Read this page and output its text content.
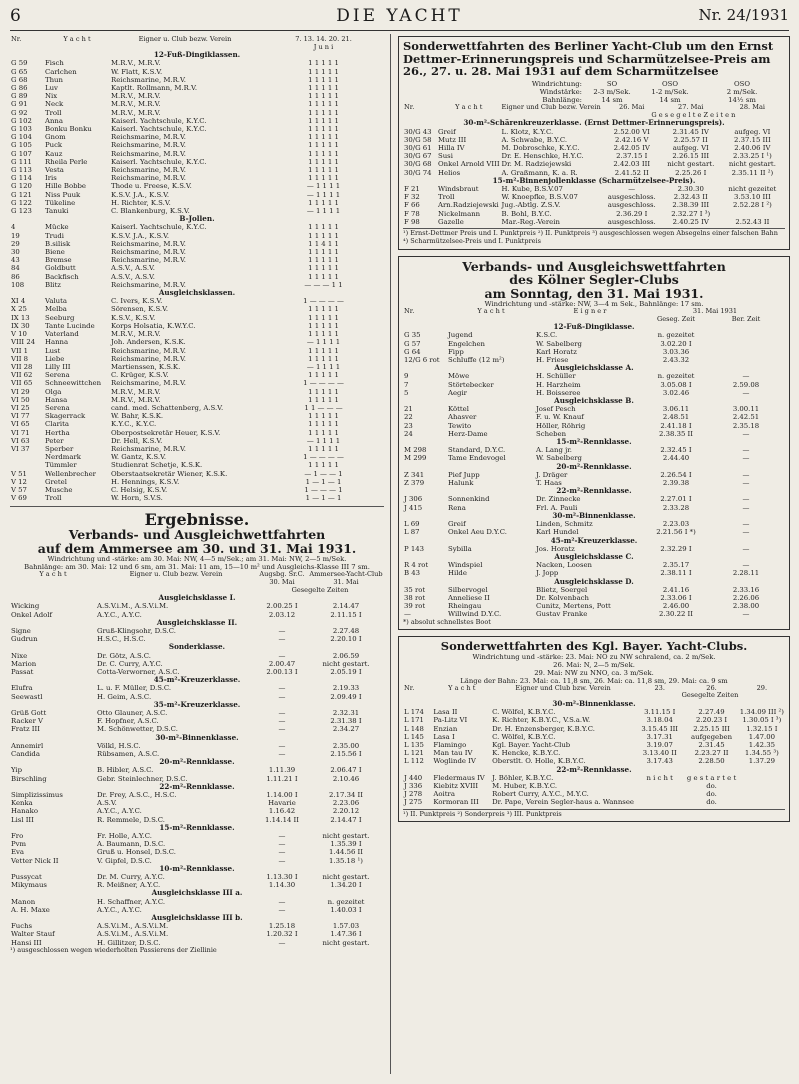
6	DIE YACHT	Nr. 24/1931
Nr.	Y a c h t	Eigner u. Club bezw. Verein		7. 13. 14. 20. 21.
J u n i
12-Fuß-Dingiklassen.				
G 59	Fisch	M.R.V., M.R.V.		1 1 1 1 1
G 65	Carlchen	W. Flatt, K.S.V.		1 1 1 1 1
G 68	Thun	Reichsmarine, M.R.V.		1 1 1 1 1
G 86	Luv	Kaptlt. Rollmann, M.R.V.		1 1 1 1 1
G 89	Nix	M.R.V., M.R.V.		1 1 1 1 1
G 91	Neck	M.R.V., M.R.V.		1 1 1 1 1
G 92	Troll	M.R.V., M.R.V.		1 1 1 1 1
G 102	Anna	Kaiserl. Yachtschule, K.Y.C.		1 1 1 1 1
G 103	Bonku Bonku	Kaiserl. Yachtschule, K.Y.C.		1 1 1 1 1
G 104	Gnom	Reichsmarine, M.R.V.		1 1 1 1 1
G 105	Puck	Reichsmarine, M.R.V.		1 1 1 1 1
G 107	Kauz	Reichsmarine, M.R.V.		1 1 1 1 1
G 111	Rheila Perle	Kaiserl. Yachtschule, K.Y.C.		1 1 1 1 1
G 113	Vesta	Reichsmarine, M.R.V.		1 1 1 1 1
G 114	Iris	Reichsmarine, M.R.V.		1 1 1 1 1
G 120	Hille Bobbe	Thode u. Freese, K.S.V.		— 1 1 1 1
G 121	Niss Puuk	K.S.V. J.A., K.S.V.		— 1 1 1 1
G 122	Tükeline	H. Richter, K.S.V.		1 1 1 1 1
G 123	Tanuki	C. Blankenburg, K.S.V.		— 1 1 1 1
B-Jollen.				
4	Mücke	Kaiserl. Yachtschule, K.Y.C.		1 1 1 1 1
19	Trudi	K.S.V. J.A., K.S.V.		1 1 1 1 1
29	B.silisk	Reichsmarine, M.R.V.		1 1 4 1 1
30	Biene	Reichsmarine, M.R.V.		1 1 1 1 1
43	Bremse	Reichsmarine, M.R.V.		1 1 1 1 1
84	Goldbutt	A.S.V., A.S.V.		1 1 1 1 1
86	Backfisch	A.S.V., A.S.V.		1 1 1 1 1
108	Blitz	Reichsmarine, M.R.V.		— — — 1 1
Ausgleichsklassen.				
XI 4	Valuta	C. Ivers, K.S.V.		1 — — — —
X 25	Melba	Sörensen, K.S.V.		1 1 1 1 1
IX 13	Seeburg	K.S.V., K.S.V.		1 1 1 1 1
IX 30	Tante Lucinde	Korps Holsatia, K.W.Y.C.		1 1 1 1 1
V 10	Vaterland	M.R.V., M.R.V.		1 1 1 1 1
VIII 24	Hanna	Joh. Andersen, K.S.K.		— 1 1 1 1
VII 1	Lust	Reichsmarine, M.R.V.		1 1 1 1 1
VII 8	Liebe	Reichsmarine, M.R.V.		1 1 1 1 1
VII 28	Lilly III	Martienssen, K.S.K.		— 1 1 1 1
VII 62	Serena	C. Krüger, K.S.V.		1 1 1 1 1
VII 65	Schneewittchen	Reichsmarine, M.R.V.		1 — — — —
VI 29	Olga	M.R.V., M.R.V.		1 1 1 1 1
VI 50	Hansa	M.R.V., M.R.V.		1 1 1 1 1
VI 25	Serena	cand. med. Schattenberg, A.S.V.		1 1 — — —
VI 77	Skagerrack	W. Bahr, K.S.K.		1 1 1 1 1
VI 65	Clarita	K.Y.C., K.Y.C.		1 1 1 1 1
VI 71	Hertha	Oberpostsekretär Heuer, K.S.V.		1 1 1 1 1
VI 63	Peter	Dr. Hell, K.S.V.		— 1 1 1 1
VI 37	Sperber	Reichsmarine, M.R.V.		1 1 1 1 1
	Nerdmark	W. Gantz, K.S.V.		1 — — — —
	Tümmler	Studienrat Schetje, K.S.K.		1 1 1 1 1
V 51	Wellenbrecher	Oberstaatsekretär Wiener, K.S.K.		— 1 — — 1
V 12	Gretel	H. Hennings, K.S.V.		1 — 1 — 1
V 57	Musche	C. Helsig, K.S.V.		1 — — — 1
V 69	Troll	W. Horn, S.V.S.		1 — 1 — 1
Ergebnisse.
Verbands- und Ausgleichwettfahrten
auf dem Ammersee am 30. und 31. Mai 1931.
Windrichtung und -stärke: am 30. Mai: NW, 4—5 m/Sek.; am 31. Mai: NW, 2—5 m/Sek.
Bahnlänge: am 30. Mai: 12 und 6 sm, am 31. Mai: 11 am, 15—10 m² und Ausgleichs-Klasse III 7 sm.
Y a c h t	Eigner u. Club bezw. Verein	Augsbg. Sr.C. 30. Mai	Ammersee-Yacht-Club 31. Mai
		Gesegelte Zeiten	
Ausgleichsklasse I.			
Wicking	A.S.V.i.M., A.S.V.i.M.	2.00.25 I	2.14.47
Onkel Adolf	A.Y.C., A.Y.C.	2.03.12	2.11.15 I
Ausgleichsklasse II.			
Signe	Gruß-Klingsohr, D.S.C.	—	2.27.48
Gudrun	H.S.C., H.S.C.	—	2.20.10 I
Sonderklasse.			
Nixe	Dr. Götz, A.S.C.	—	2.06.59
Marion	Dr. C. Curry, A.Y.C.	2.00.47	nicht gestart.
Passat	Cotta-Verworner, A.S.C.	2.00.13 I	2.05.19 I
45-m²-Kreuzerklasse.			
Elufra	L. u. F. Müller, D.S.C.	—	2.19.33
Seewastl	H. Geim, A.S.C.	—	2.09.49 I
35-m²-Kreuzerklasse.			
Grüß Gott	Otto Glauner, A.S.C.	—	2.32.31
Racker V	F. Hopfner, A.S.C.	—	2.31.38 I
Fratz III	M. Schönwetter, D.S.C.	—	2.34.27
30-m²-Binnenklasse.			
Annemirl	Völkl, H.S.C.	—	2.35.00
Candida	Rübsamen, A.S.C.	—	2.15.56 I
20-m²-Rennklasse.			
Yip	B. Hibler, A.S.C.	1.11.39	2.06.47 I
Birschling	Gebr. Steinlechner, D.S.C.	1.11.21 I	2.10.46
22-m²-Rennklasse.			
Simplizissimus	Dr. Frey, A.S.C., H.S.C.	1.14.00 I	2.17.34 II
Kenka	A.S.V.	Havarie	2.23.06
Hanako	A.Y.C., A.Y.C.	1.16.42	2.20.12
Lisl III	R. Remmele, D.S.C.	1.14.14 II	2.14.47 I
15-m²-Rennklasse.			
Fro	Fr. Holle, A.Y.C.	—	nicht gestart.
Pvm	A. Baumann, D.S.C.	—	1.35.39 I
Eva	Gruß u. Honsel, D.S.C.	—	1.44.56 II
Vetter Nick II	V. Gipfel, D.S.C.	—	1.35.18 ¹)
10-m²-Rennklasse.			
Pussycat	Dr. M. Curry, A.Y.C.	1.13.30 I	nicht gestart.
Mikymaus	R. Meißner, A.Y.C.	1.14.30	1.34.20 I
Ausgleichsklasse III a.			
Manon	H. Schaffner, A.Y.C.	—	n. gezeitet
A. H. Maxe	A.Y.C., A.Y.C.	—	1.40.03 I
Ausgleichsklasse III b.			
Fuchs	A.S.V.i.M., A.S.V.i.M.	1.25.18	1.57.03
Walter Stauf	A.S.V.i.M., A.S.V.i.M.	1.20.32 I	1.47.36 I
Hansi III	H. Gillitzer, D.S.C.	—	nicht gestart.
¹) ausgeschlossen wegen wiederholten Passierens der Ziellinie
Sonderwettfahrten des Berliner Yacht-Club um den Ernst Dettmer-Erinnerungspreis und Scharmützelsee-Preis am 26., 27. u. 28. Mai 1931 auf dem Scharmützelsee
Windrichtung:	SO	OSO	OSO
Windstärke:	2-3 m/Sek.	1-2 m/Sek.	2 m/Sek.
Bahnlänge:	14 sm	14 sm	14½ sm
Nr.	Y a c h t	Eigner und Club bezw. Verein	26. Mai	27. Mai	28. Mai
			G e s e g e l t e Z e i t e n		
30-m²-Schärenkreuzerklasse. (Ernst Dettmer-Erinnerungspreis).					
30/G 43	Greif	L. Klotz, K.Y.C.	2.52.00 VI	2.31.45 IV	aufgeg. VI
30/G 58	Mutz III	A. Schwabe, B.Y.C.	2.42.16 V	2.25.57 II	2.37.15 III
30/G 61	Hilla IV	M. Dobroschke, K.Y.C.	2.42.05 IV	aufgeg. VI	2.40.06 IV
30/G 67	Susi	Dr. E. Henschke, H.Y.C.	2.37.15 I	2.26.15 III	2.33.25 I ¹)
30/G 68	Onkel Arnold VIII	Dr. M. Radziejewski	2.42.03 III	nicht gestart.	nicht gestart.
30/G 74	Helios	A. Graßmann, K. a. R.	2.41.52 II	2.25.26 I	2.35.11 II ²)
15-m²-Binnenjollenklasse (Scharmützelsee-Preis).					
F 21	Windsbraut	H. Kube, B.S.V.07	—	2.30.30	nicht gezeitet
F 32	Troll	W. Knoepfke, B.S.V.07	ausgeschloss.	2.32.43 II	3.53.10 III
F 66	Arn.Radziejewski	Jug.-Abtlg. Z.S.V.	ausgeschloss.	2.38.39 III	2.52.28 I ²)
F 78	Nickelmann	B. Bohl, B.Y.C.	2.36.29 I	2.32.27 I ³)	
F 98	Gazelle	Mar.-Reg.-Verein	ausgeschloss.	2.40.25 IV	2.52.43 II
¹) Ernst-Dettmer Preis und I. Punktpreis ²) II. Punktpreis ³) ausgeschlossen wegen Absegelns einer falschen Bahn ⁴) Scharmützelsee-Preis und I. Punktpreis
Verbands- und Ausgleichswettfahrten
des Kölner Segler-Clubs
am Sonntag, den 31. Mai 1931.
Windrichtung und -stärke: NW, 3—4 m Sek., Bahnlänge: 17 sm.
Nr.	Y a c h t	E i g n e r	31. Mai 1931	
			Geseg. Zeit	Ber. Zeit
12-Fuß-Dingiklasse.				
G 35	Jugend	K.S.C.	n. gezeitet	
G 57	Engelchen	W. Sabelberg	3.02.20 I	
G 64	Fipp	Karl Horatz	3.03.36	
12/G 6 rot	Schluffe (12 m²)	H. Friese	2.43.32	
Ausgleichsklasse A.				
9	Möwe	H. Schüller	n. gezeitet	—
7	Störtebecker	H. Harzheim	3.05.08 I	2.59.08
5	Aegir	H. Boisseree	3.02.46	—
Ausgleichsklasse B.				
21	Köttel	Josef Pesch	3.06.11	3.00.11
22	Ahasver	F. u. W. Knauf	2.48.51	2.42.51
23	Tewito	Höller, Röhrig	2.41.18 I	2.35.18
24	Herz-Dame	Scheben	2.38.35 II	—
15-m²-Rennklasse.				
M 298	Standard, D.Y.C.	A. Lang jr.	2.32.45 I	—
M 299	Tame Endevogel	W. Sabelberg	2.44.40	—
20-m²-Rennklasse.				
Z 341	Pief Jupp	J. Dräger	2.26.54 I	—
Z 379	Halunk	T. Haas	2.39.38	—
22-m²-Rennklasse.				
J 306	Sonnenkind	Dr. Zinnecke	2.27.01 I	—
J 415	Rena	Frl. A. Pauli	2.33.28	—
30-m²-Binnenklasse.				
L 69	Greif	Linden, Schmitz	2.23.03	—
L 87	Onkel Aeu D.Y.C.	Karl Hundel	2.21.56 I *)	—
45-m²-Kreuzerklasse.				
P 143	Sybilla	Jos. Horatz	2.32.29 I	—
Ausgleichsklasse C.				
R 4 rot	Windspiel	Nacken, Loosen	2.35.17	—
B 43	Hilde	J. Jopp	2.38.11 I	2.28.11
Ausgleichsklasse D.				
35 rot	Silbervogel	Blietz, Soergel	2.41.16	2.33.16
38 rot	Anneliese II	Dr. Kolvenbach	2.33.06 I	2.26.06
39 rot	Rheingau	Cunitz, Mertens, Pott	2.46.00	2.38.00
—	Willwind D.Y.C.	Gustav Franke	2.30.22 II	—
*) absolut schnellstes Boot
Sonderwettfahrten des Kgl. Bayer. Yacht-Clubs.
Windrichtung und -stärke: 23. Mai: NO zu NW schralend, ca. 2 m/Sek.
26. Mai: N, 2—5 m/Sek.
29. Mai: NW zu NNO, ca. 3 m/Sek.
Länge der Bahn: 23. Mai: ca. 11,8 sm, 26. Mai: ca. 11,8 sm, 29. Mai: ca. 9 sm
Nr.	Y a c h t	Eigner und Club bzw. Verein	23.	26.	29.
			Gesegelte Zeiten		
30-m²-Binnenklasse.					
L 174	Lasa II	C. Wölfel, K.B.Y.C.	3.11.15 I	2.27.49	1.34.09 III ²)
L 171	Pa-Litz VI	K. Richter, K.B.Y.C., V.S.a.W.	3.18.04	2.20.23 I	1.30.05 I ³)
L 148	Enzian	Dr. H. Enzensberger, K.B.Y.C.	3.15.45 III	2.25.15 III	1.32.15 I
L 145	Lasa I	C. Wölfel, K.B.Y.C.	3.17.31	aufgegeben	1.47.00
L 135	Flamingo	Kgl. Bayer. Yacht-Club	3.19.07	2.31.45	1.42.35
L 121	Man tau IV	K. Hencke, K.B.Y.C.	3.13.40 II	2.23.27 II	1.34.55 ³)
L 112	Woglinde IV	Oberstlt. O. Holle, K.B.Y.C.	3.17.43	2.28.50	1.37.29
22-m²-Rennklasse.					
J 440	Fledermaus IV	J. Böhler, K.B.Y.C.	n i c h t	g e s t a r t e t	
J 336	Kiebitz XVIII	M. Huber, K.B.Y.C.		do.	
J 278	Aoitra	Robert Curry, A.Y.C., M.Y.C.		do.	
J 275	Kormoran III	Dr. Pape, Verein Segler-haus a. Wannsee		do.	
¹) II. Punktpreis ²) Sonderpreis ³) III. Punktpreis
